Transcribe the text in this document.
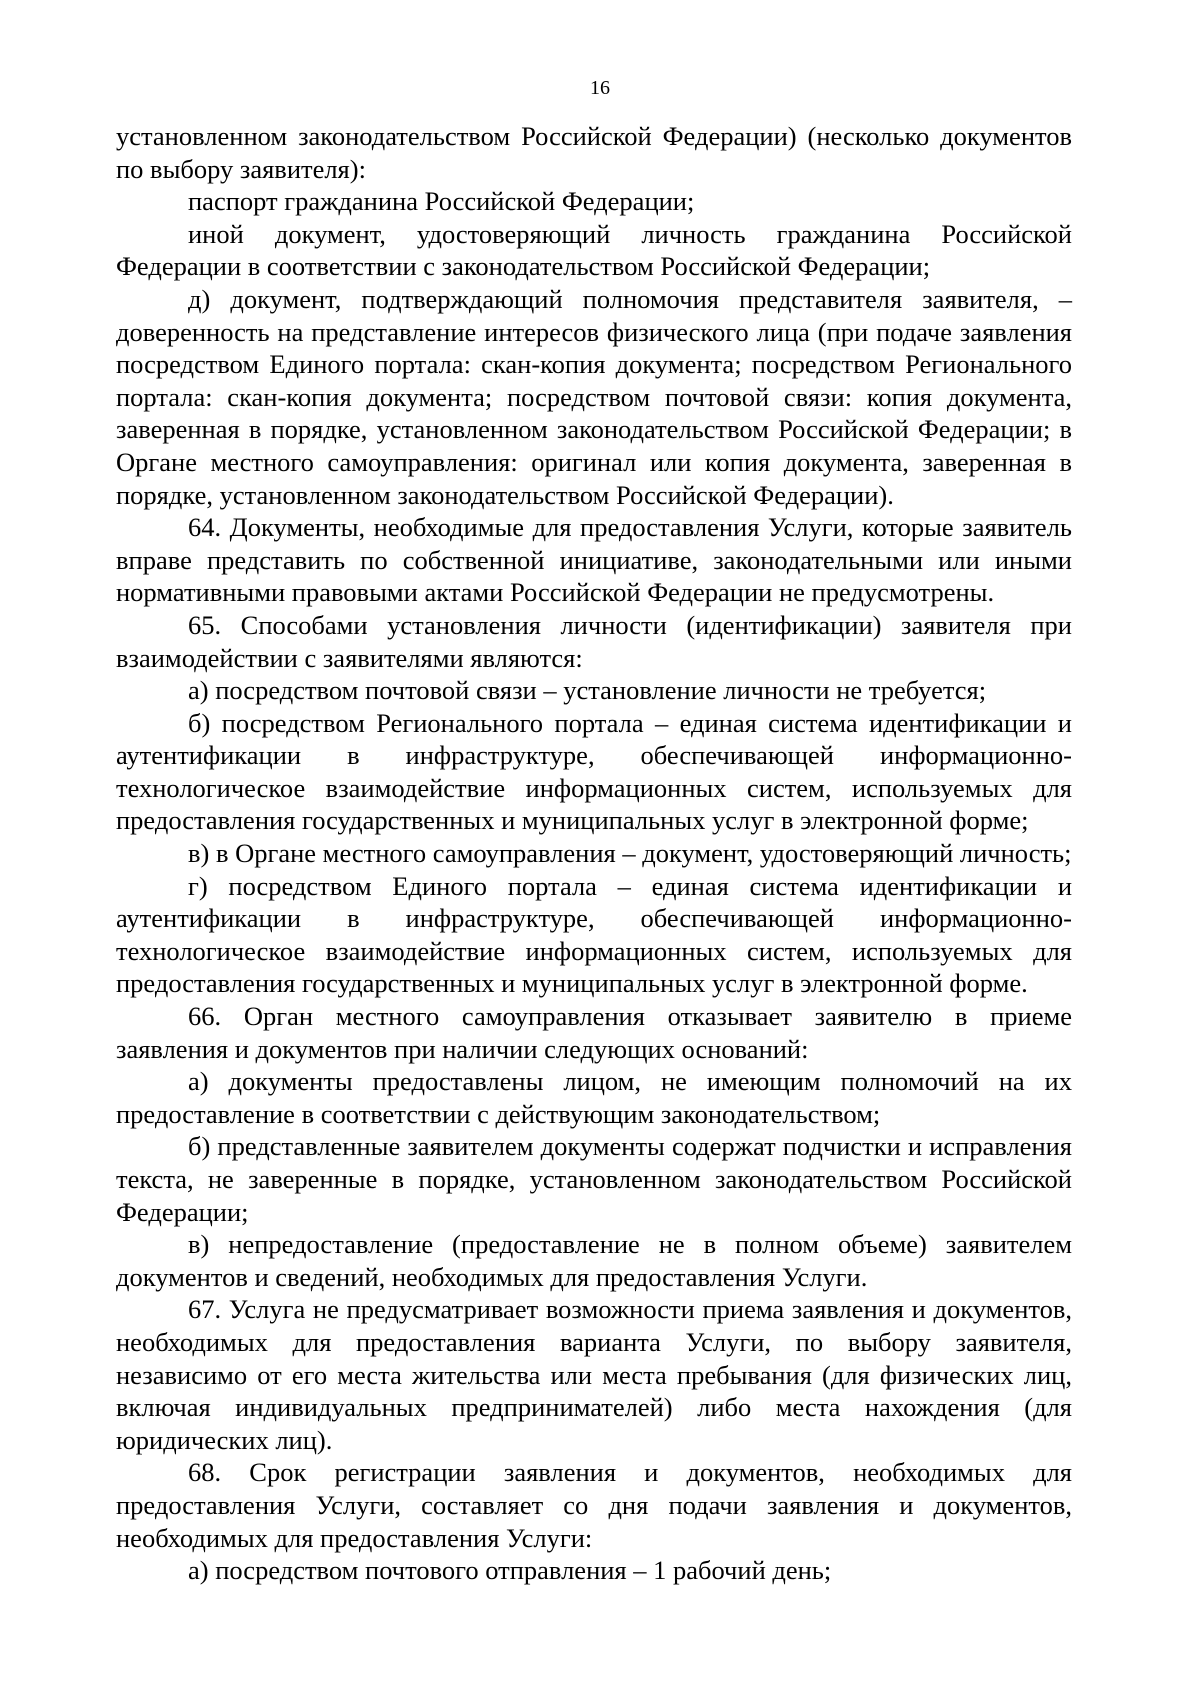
16

установленном законодательством Российской Федерации) (несколько документов по выбору заявителя):

паспорт гражданина Российской Федерации;

иной документ, удостоверяющий личность гражданина Российской Федерации в соответствии с законодательством Российской Федерации;

д) документ, подтверждающий полномочия представителя заявителя, – доверенность на представление интересов физического лица (при подаче заявления посредством Единого портала: скан-копия документа; посредством Регионального портала: скан-копия документа; посредством почтовой связи: копия документа, заверенная в порядке, установленном законодательством Российской Федерации; в Органе местного самоуправления: оригинал или копия документа, заверенная в порядке, установленном законодательством Российской Федерации).

64. Документы, необходимые для предоставления Услуги, которые заявитель вправе представить по собственной инициативе, законодательными или иными нормативными правовыми актами Российской Федерации не предусмотрены.

65. Способами установления личности (идентификации) заявителя при взаимодействии с заявителями являются:

а) посредством почтовой связи – установление личности не требуется;

б) посредством Регионального портала – единая система идентификации и аутентификации в инфраструктуре, обеспечивающей информационно-технологическое взаимодействие информационных систем, используемых для предоставления государственных и муниципальных услуг в электронной форме;

в) в Органе местного самоуправления – документ, удостоверяющий личность;

г) посредством Единого портала – единая система идентификации и аутентификации в инфраструктуре, обеспечивающей информационно-технологическое взаимодействие информационных систем, используемых для предоставления государственных и муниципальных услуг в электронной форме.

66. Орган местного самоуправления отказывает заявителю в приеме заявления и документов при наличии следующих оснований:

а) документы предоставлены лицом, не имеющим полномочий на их предоставление в соответствии с действующим законодательством;

б) представленные заявителем документы содержат подчистки и исправления текста, не заверенные в порядке, установленном законодательством Российской Федерации;

в) непредоставление (предоставление не в полном объеме) заявителем документов и сведений, необходимых для предоставления Услуги.

67. Услуга не предусматривает возможности приема заявления и документов, необходимых для предоставления варианта Услуги, по выбору заявителя, независимо от его места жительства или места пребывания (для физических лиц, включая индивидуальных предпринимателей) либо места нахождения (для юридических лиц).

68. Срок регистрации заявления и документов, необходимых для предоставления Услуги, составляет со дня подачи заявления и документов, необходимых для предоставления Услуги:

а) посредством почтового отправления – 1 рабочий день;
